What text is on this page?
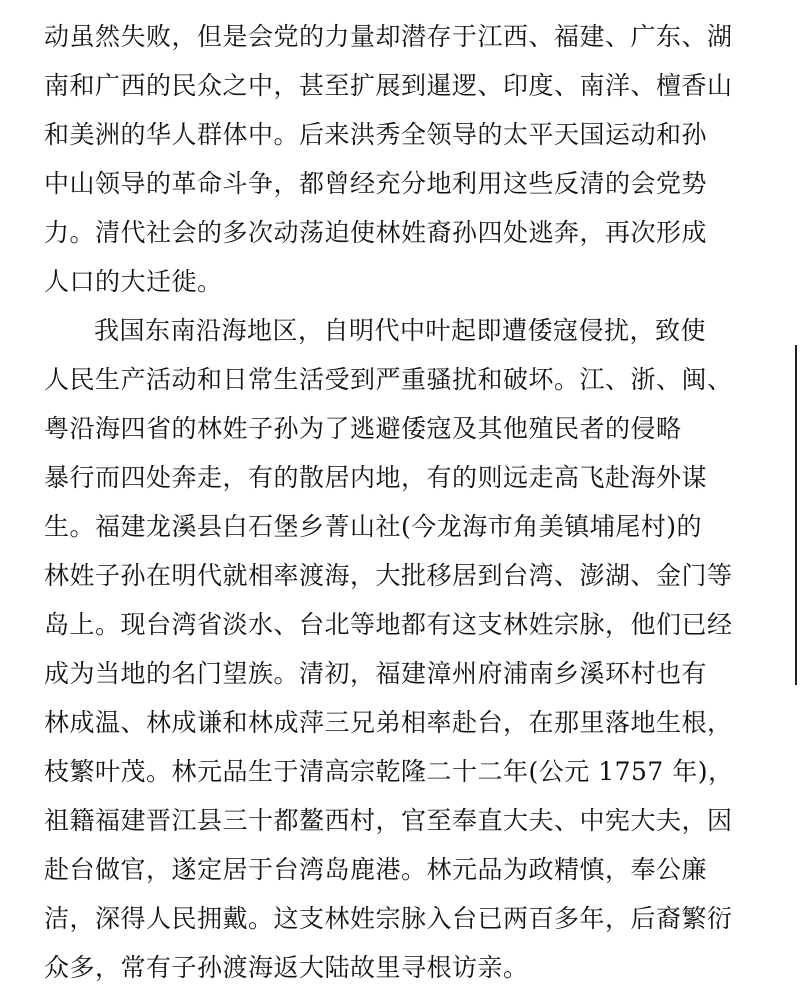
动虽然失败，但是会党的力量却潜存于江西、福建、广东、湖
南和广西的民众之中，甚至扩展到暹逻、印度、南洋、檀香山
和美洲的华人群体中。后来洪秀全领导的太平天国运动和孙
中山领导的革命斗争，都曾经充分地利用这些反清的会党势
力。清代社会的多次动荡迫使林姓裔孙四处逃奔，再次形成
人口的大迁徙。
我国东南沿海地区，自明代中叶起即遭倭寇侵扰，致使
人民生产活动和日常生活受到严重骚扰和破坏。江、浙、闽、
粤沿海四省的林姓子孙为了逃避倭寇及其他殖民者的侵略
暴行而四处奔走，有的散居内地，有的则远走高飞赴海外谋
生。福建龙溪县白石堡乡菁山社(今龙海市角美镇埔尾村)的
林姓子孙在明代就相率渡海，大批移居到台湾、澎湖、金门等
岛上。现台湾省淡水、台北等地都有这支林姓宗脉，他们已经
成为当地的名门望族。清初，福建漳州府浦南乡溪环村也有
林成温、林成谦和林成萍三兄弟相率赴台，在那里落地生根，
枝繁叶茂。林元品生于清高宗乾隆二十二年(公元 1757 年)，
祖籍福建晋江县三十都鳌西村，官至奉直大夫、中宪大夫，因
赴台做官，遂定居于台湾岛鹿港。林元品为政精慎，奉公廉
洁，深得人民拥戴。这支林姓宗脉入台已两百多年，后裔繁衍
众多，常有子孙渡海返大陆故里寻根访亲。
